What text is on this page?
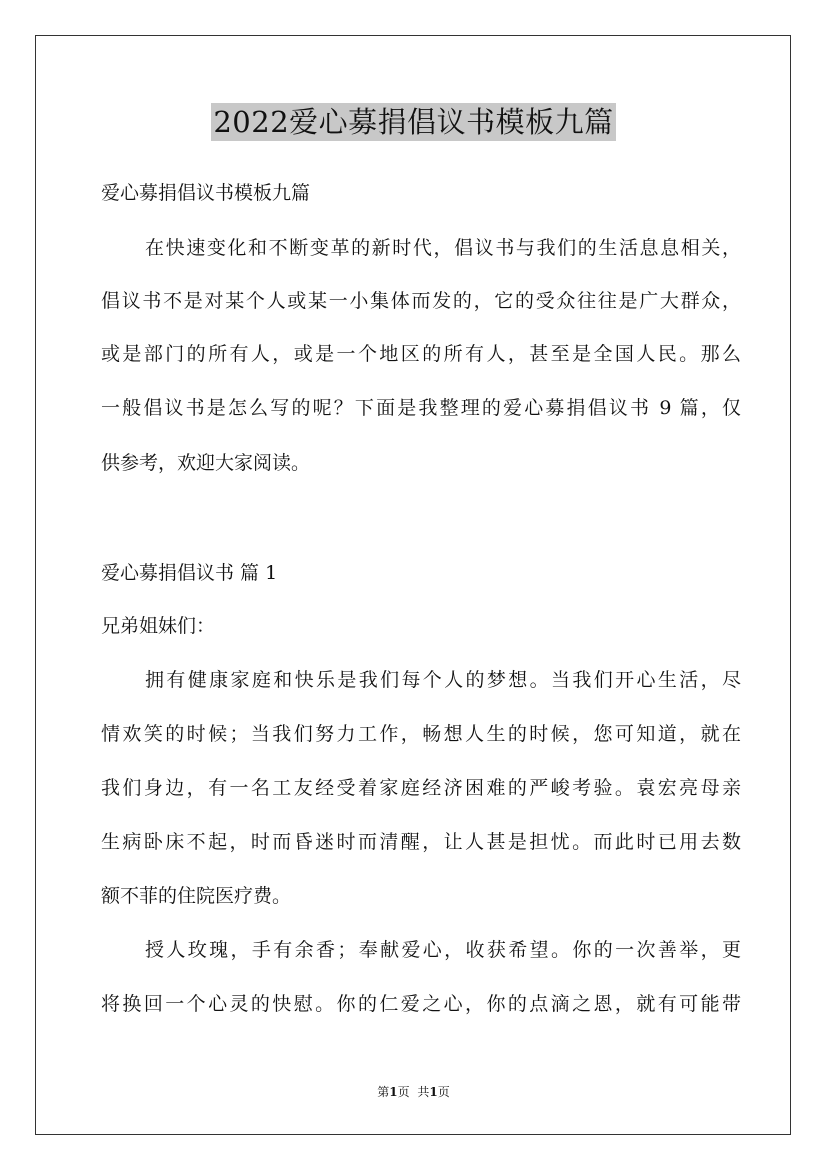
2022爱心募捐倡议书模板九篇
爱心募捐倡议书模板九篇
在快速变化和不断变革的新时代，倡议书与我们的生活息息相关，
倡议书不是对某个人或某一小集体而发的，它的受众往往是广大群众，
或是部门的所有人，或是一个地区的所有人，甚至是全国人民。那么
一般倡议书是怎么写的呢？下面是我整理的爱心募捐倡议书 9 篇，仅
供参考，欢迎大家阅读。
爱心募捐倡议书 篇 1
兄弟姐妹们：
拥有健康家庭和快乐是我们每个人的梦想。当我们开心生活，尽
情欢笑的时候；当我们努力工作，畅想人生的时候，您可知道，就在
我们身边，有一名工友经受着家庭经济困难的严峻考验。袁宏亮母亲
生病卧床不起，时而昏迷时而清醒，让人甚是担忧。而此时已用去数
额不菲的住院医疗费。
授人玫瑰，手有余香；奉献爱心，收获希望。你的一次善举，更
将换回一个心灵的快慰。你的仁爱之心，你的点滴之恩，就有可能带
第1页 共1页
